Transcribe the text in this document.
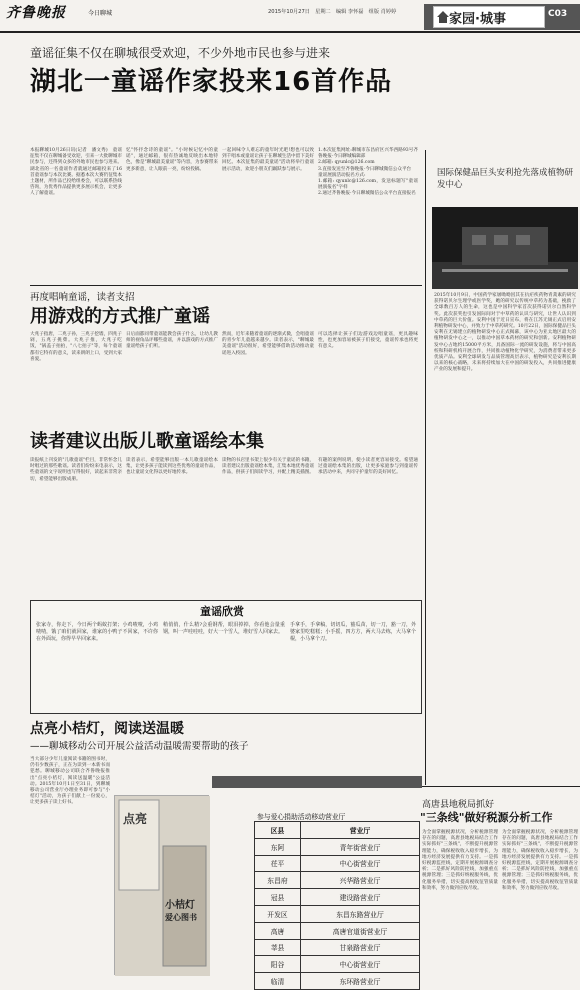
齐鲁晚报	今日聊城	2015年10月27日　星期二　编辑 李怀磊　组版 肖婷婷	家园·城事	C03
童谣征集不仅在聊城很受欢迎，不少外地市民也参与进来
湖北一童谣作家投来16首作品
本报聊城10月26日讯(记者　潘文秀)　童谣征集不仅在聊城备受欢迎，引来一大批聊城市民参与，还得到众多的外地市民也参与进来。湖北省的一名童谣作者就通过邮箱投来了16首童谣参与本次比赛。据悉本次大赛仍征集本土题材，所作品已投给组委会，可以联系热线咨询，为优秀作品提供更多展示机会，让更多人了解童谣。
忆"怀抒念诗的童谣"。"小时候记忆中的童谣"，通过邮箱，很有热诚地反映出本地特色，像是"聊城最美童谣"等内容，为参赛带来更多新意，让人眼前一亮，纷纷投稿。
一起回味令人难忘的童年时光吧!想也可以致到千唱本或童谣让孩子在聊城生活中留下美好回忆。本次征集的最美童谣"活动将举行童谣展示活动，欢迎小朋友们踊跃参与展示。
1.本次征集网址:聊城市东昌府区兴华西路93号齐鲁晚报·今日聊城编辑部
2.邮箱: qyunlc@126.com
3.直接发送至齐鲁晚报·今日聊城微信公众平台
童谣展演活动报名方式:
1.邮箱: qyunlc@126.com，发送标题写"童谣展演报名"字样
2.通过齐鲁晚报·今日聊城微信公众平台直接报名
国际保健品巨头安利抢先落成植物研发中心
2015年10月9日，中国药学家屠呦呦因其在抗疟疾药物青蒿素的研究获得诺贝尔生理学或医学奖，她的研究以传统中草药为基础，挽救了全球数百万人的生命，这也是中国科学家首次获得诺贝尔自然科学奖。此次获奖也引发国际间对于中草药的认识与研究，让世人认识到中草药的巨大价值。安利中国于近日宣布，将在江苏无锡正式启用安利植物研发中心，并致力于中草药研究。10月22日，国际保健品巨头安利在无锡建立的植物研发中心正式揭幕，该中心为亚太地区最大的植物研发中心之一，以推动中国草本药材的研究和创新。安利植物研发中心占地约15000平方米，具备国际一流的研发设施，将与中国高校和科研机构开展合作，共同推动植物化学研究，为消费者带来更多优质产品。安利全球研发与品质管理高层表示，植物研究是安利长期以来的核心战略，未来将持续加大在中国的研发投入，共同推进健康产业的发展和提升。
高唐县地税局抓好
"三条线"做好税源分析工作
为全面掌握税源状况，分析税源管理存在的问题，高唐县地税局结合工作实际抓好"三条线"，不断提升税源管理能力，确保税收收入稳步增长，为地方经济发展提供有力支持。一是抓好税源监控线，定期开展税源调查分析；二是抓好风险防控线，加强重点税源管理；三是抓好纳税服务线，优化服务举措，切实提高税收征管质量和效率，努力做到应收尽收。
为全面掌握税源状况，分析税源管理存在的问题，高唐县地税局结合工作实际抓好"三条线"，不断提升税源管理能力，确保税收收入稳步增长，为地方经济发展提供有力支持。一是抓好税源监控线，定期开展税源调查分析；二是抓好风险防控线，加强重点税源管理；三是抓好纳税服务线，优化服务举措，切实提高税收征管质量和效率，努力做到应收尽收。
再度唱响童谣，读者支招
用游戏的方式推广童谣
大兆子指唐，二兆子孙，三兆子挖墙，四兆子剁，五兆子挑柴。大兆子推，大兆子吃饭，"锅盖子拍拍，"八七拍子"等，每个童谣都有它特有的意义，读来朗朗上口，受到大家喜爱。
日后面都同带童谣能教会孩子什么，让幼儿教师的视角品评哪些童谣，并以游戏的方式推广童谣给孩子们听。
然而，近年来随着童谣的逐渐式微，会唱童谣的青少年儿童越来越少。读者表示，"聊城最美童谣"活动很好，希望能够借助活动推动童谣进入校园。
可以选择让孩子们边游戏边唱童谣，更具趣味性，也更加容易被孩子们接受，童谣传承也将更有意义。
读者建议出版儿歌童谣绘本集
读报纸上刊发的"儿歌童谣"栏目，非常怀念儿时唱过的那些歌谣。读者们纷纷来电表示，这些童谣的文字说明也写得很好，读起来非常亲切，希望能够出版成册。
读者表示，希望能够出版一本儿歌童谣绘本集，让更多孩子能读到这些优秀的童谣作品，也让童谣文化得以更好地传承。
读物的书店里书架上很少有关于童谣的书籍，读者建议出版童谣绘本集，汇集本地优秀童谣作品，供孩子们阅读学习，并配上精美插图。
有趣的案例说明，使小读者更容易接受。希望通过童谣绘本集的出版，让更多家庭参与到童谣传承活动中来，共同守护童年的美好回忆。
童谣欣赏
张家寺，你走下，今日两个蚂蚁打架；小鸡喳喳，小鸡喳喳，饿了咱们就回家，谁家的小鸭子不回家，不许你在外面玩，你得早早回家来。
稍俏俏，什么精?会重钢帮，眼泪掉掉，你看他会量重钢，叫一声哇哇哇，好大一个雪人，堆好雪人回家去。
手拿手，手拿稿，切切瓜，豁瓜苗，切一刀，豁一刀，外婆家里吃糕糕；小手摇，四方方，两大马去练，大马拿个棍，小马拿个刀。
点亮小桔灯，阅读送温暖
——聊城移动公司开展公益活动温暖需要帮助的孩子
当大部分少年儿童阅读书籍的图书时，仍有少数孩子，正在为读到一本新书而犯愁。聊城移动公司联合齐鲁晚报推出"点亮小桔灯，阅读送温暖"公益活动。2015年10月1日至31日，到聊城移动公司营业厅办理业务即可参与"小桔灯"活动，为孩子们献上一份爱心，让更多孩子读上好书。
点亮
小桔灯
爱心图书
参与爱心捐助活动移动营业厅
区县	营业厅
东阿	青年街营业厅
茌平	中心街营业厅
东昌府	兴华路营业厅
冠县	建设路营业厅
开发区	东昌东路营业厅
高唐	高唐官道街营业厅
莘县	甘泉路营业厅
阳谷	中心街营业厅
临清	东环路营业厅
